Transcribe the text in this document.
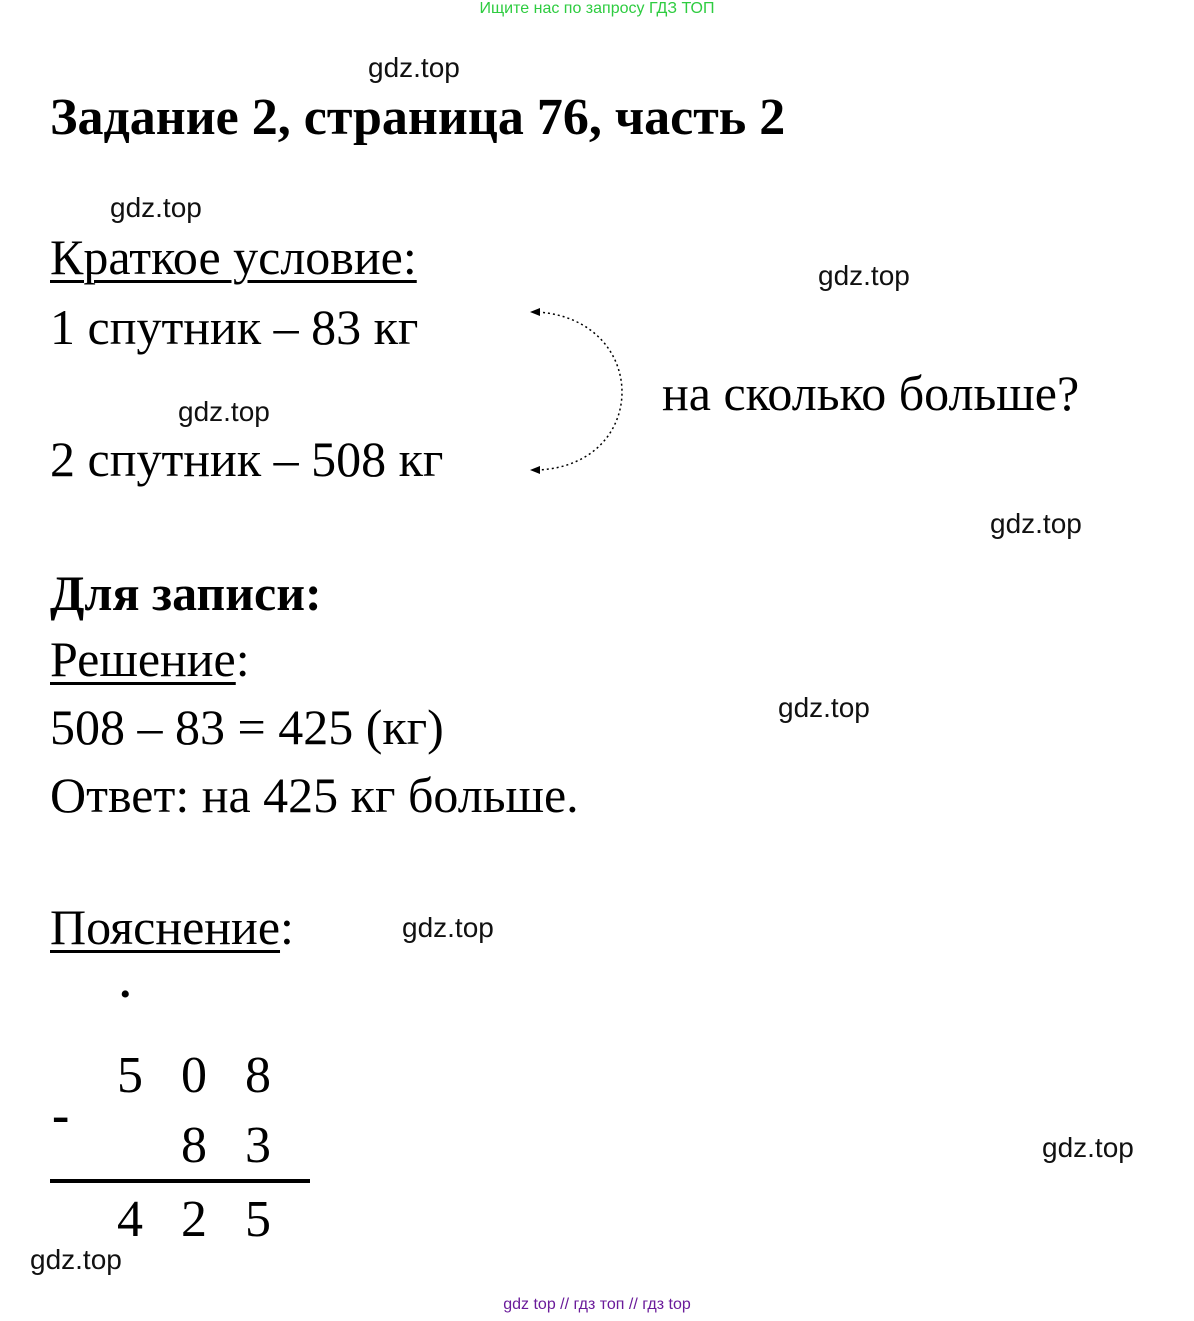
Ищите нас по запросу ГДЗ ТОП
gdz.top
gdz.top
gdz.top
gdz.top
gdz.top
gdz.top
gdz.top
gdz.top
gdz.top
Задание 2, страница 76, часть 2
Краткое условие:
1 спутник – 83 кг
2 спутник – 508 кг
на сколько больше?
Для записи:
Решение:
508 – 83 = 425 (кг)
Ответ: на 425 кг больше.
Пояснение:
•
5 0 8
-
8 3
4 2 5
gdz top // гдз топ // гдз top
